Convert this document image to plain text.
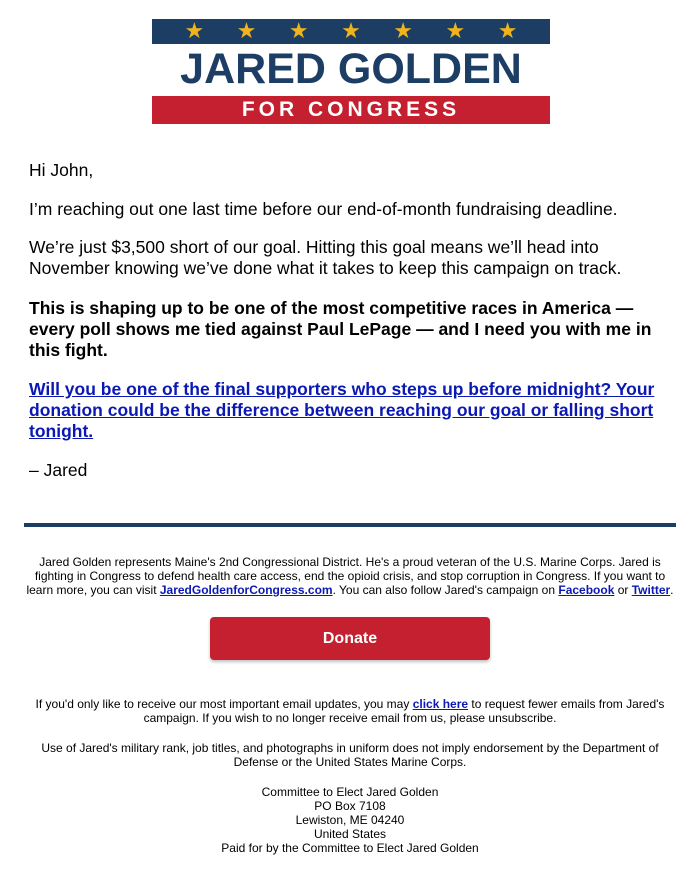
★ ★ ★ ★ ★ ★ ★
JARED GOLDEN
FOR CONGRESS

Hi John,

I’m reaching out one last time before our end-of-month fundraising deadline.

We’re just $3,500 short of our goal. Hitting this goal means we’ll head into November knowing we’ve done what it takes to keep this campaign on track.

This is shaping up to be one of the most competitive races in America — every poll shows me tied against Paul LePage — and I need you with me in this fight.

Will you be one of the final supporters who steps up before midnight? Your donation could be the difference between reaching our goal or falling short tonight.

– Jared

Jared Golden represents Maine's 2nd Congressional District. He's a proud veteran of the U.S. Marine Corps. Jared is fighting in Congress to defend health care access, end the opioid crisis, and stop corruption in Congress. If you want to learn more, you can visit JaredGoldenforCongress.com. You can also follow Jared's campaign on Facebook or Twitter.

Donate

If you'd only like to receive our most important email updates, you may click here to request fewer emails from Jared's campaign. If you wish to no longer receive email from us, please unsubscribe.

Use of Jared's military rank, job titles, and photographs in uniform does not imply endorsement by the Department of Defense or the United States Marine Corps.

Committee to Elect Jared Golden
PO Box 7108
Lewiston, ME 04240
United States
Paid for by the Committee to Elect Jared Golden
